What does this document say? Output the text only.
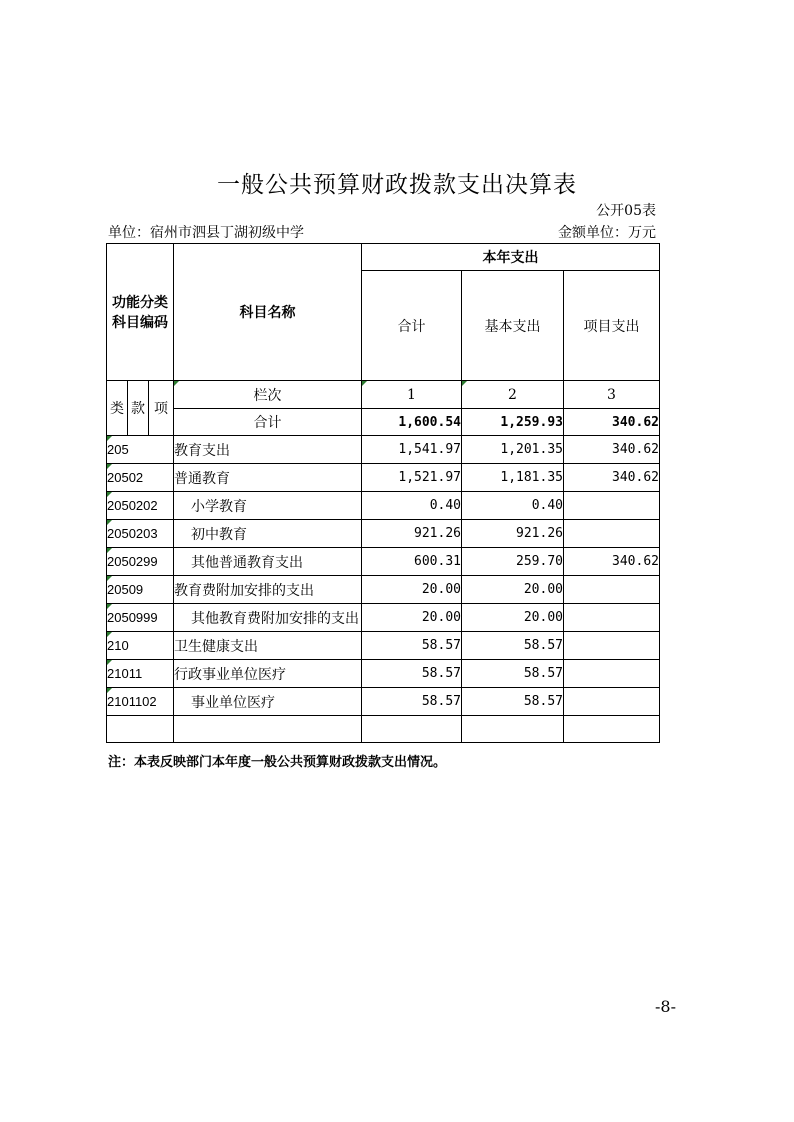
一般公共预算财政拨款支出决算表
公开05表
单位：宿州市泗县丁湖初级中学	金额单位：万元
功能分类
科目编码			科目名称	本年支出		
				合计	基本支出	项目支出
类	款	项	栏次	1	2	3
			合计	1,600.54	1,259.93	340.62
205			教育支出	1,541.97	1,201.35	340.62
20502			普通教育	1,521.97	1,181.35	340.62
2050202			小学教育	0.40	0.40	
2050203			初中教育	921.26	921.26	
2050299			其他普通教育支出	600.31	259.70	340.62
20509			教育费附加安排的支出	20.00	20.00	
2050999			其他教育费附加安排的支出	20.00	20.00	
210			卫生健康支出	58.57	58.57	
21011			行政事业单位医疗	58.57	58.57	
2101102			事业单位医疗	58.57	58.57	

注：本表反映部门本年度一般公共预算财政拨款支出情况。
-8-
